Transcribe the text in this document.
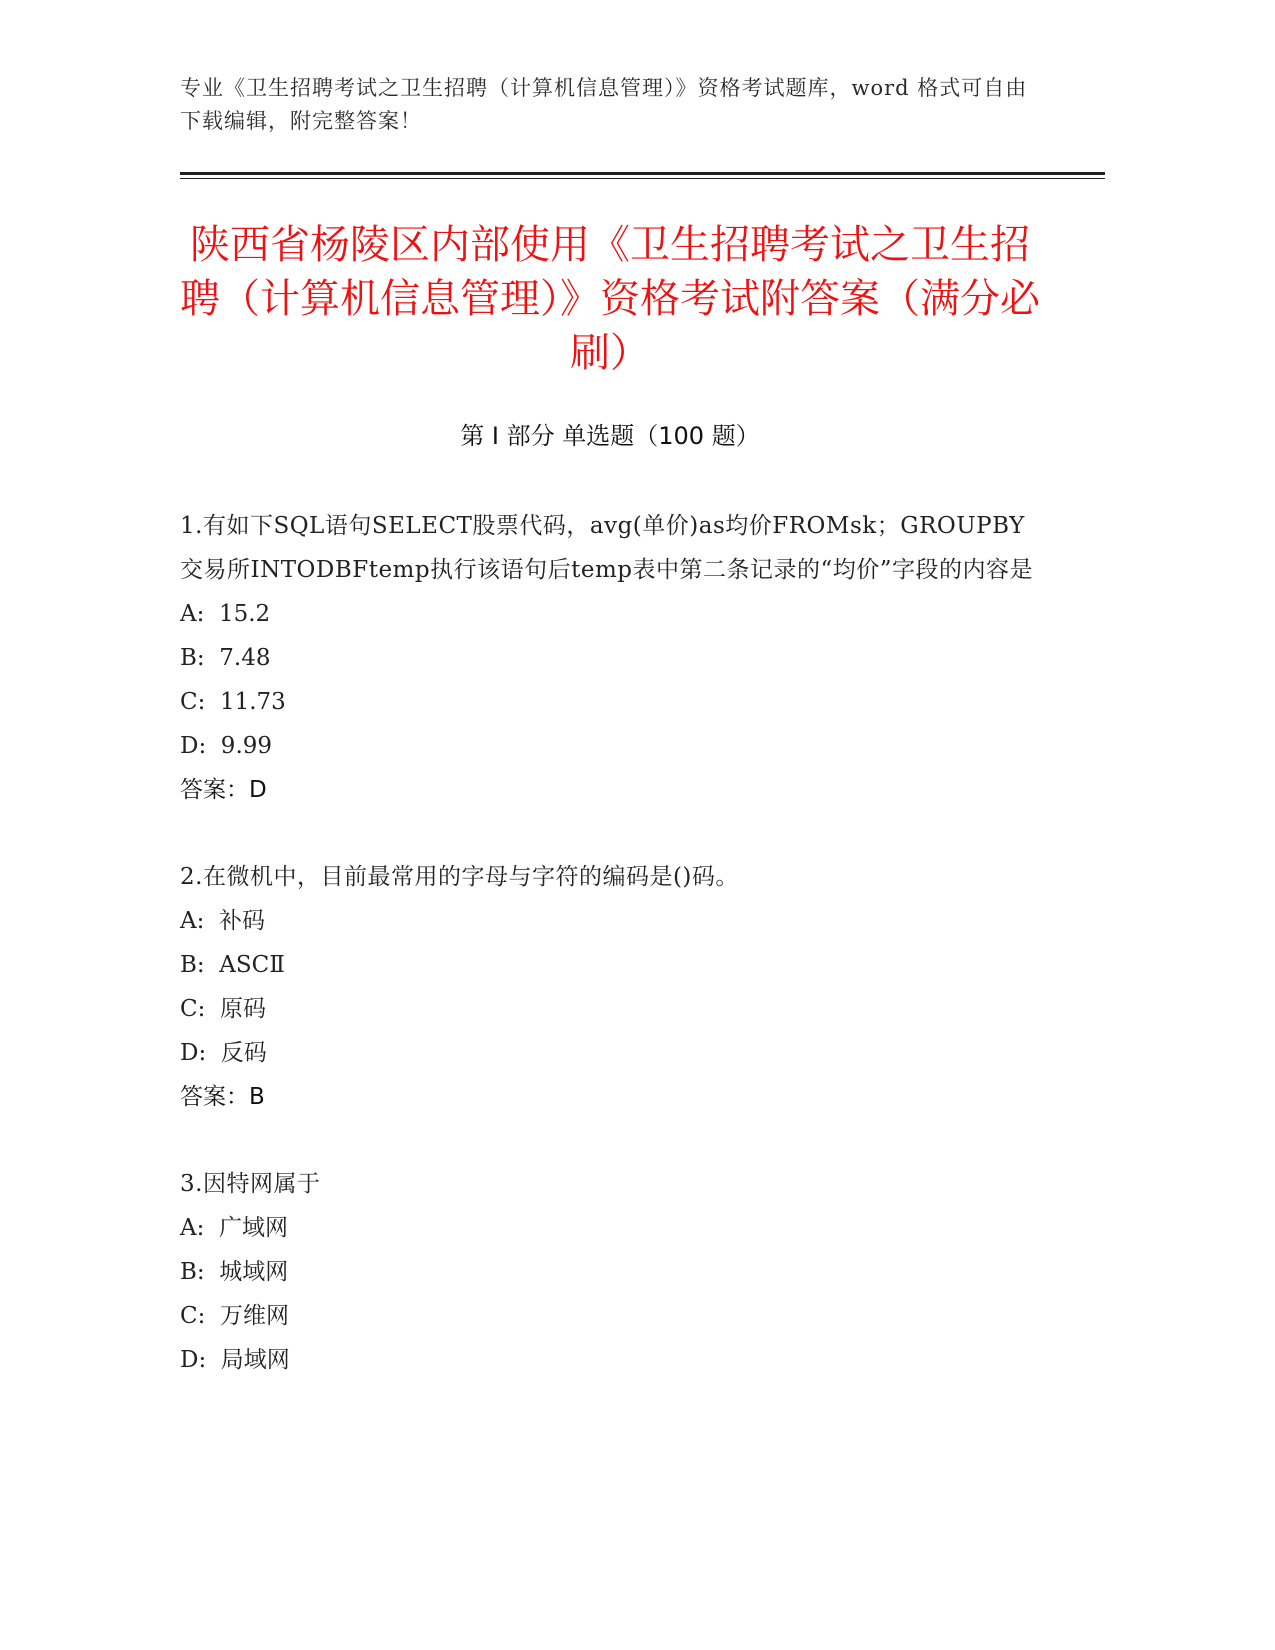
专业《卫生招聘考试之卫生招聘（计算机信息管理）》资格考试题库，word 格式可自由下载编辑，附完整答案！
陕西省杨陵区内部使用《卫生招聘考试之卫生招聘（计算机信息管理）》资格考试附答案（满分必刷）
第 I 部分 单选题（100 题）
1.有如下SQL语句SELECT股票代码，avg(单价)as均价FROMsk；GROUPBY交易所INTODBFtemp执行该语句后temp表中第二条记录的“均价”字段的内容是
A:  15.2
B:  7.48
C:  11.73
D:  9.99
答案：D
2.在微机中，目前最常用的字母与字符的编码是()码。
A:  补码
B:  ASCⅡ
C:  原码
D:  反码
答案：B
3.因特网属于
A:  广域网
B:  城域网
C:  万维网
D:  局域网
